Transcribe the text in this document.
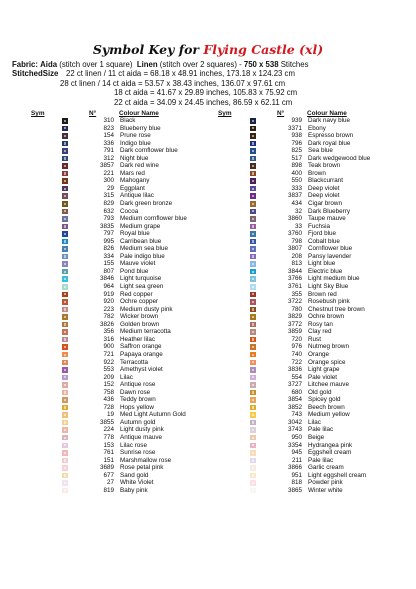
Symbol Key for Flying Castle (xl)
Fabric: Aida (stitch over 1 square) Linen (stitch over 2 squares) - 750 x 538 Stitches
StitchedSize 22 ct linen / 11 ct aida = 68.18 x 48.91 inches, 173.18 x 124.23 cm
28 ct linen / 14 ct aida = 53.57 x 38.43 inches, 136.07 x 97.61 cm
18 ct aida = 41.67 x 29.89 inches, 105.83 x 75.92 cm
22 ct aida = 34.09 x 24.45 inches, 86.59 x 62.11 cm
Sym	N°	Colour Name	Sym	N°	Colour Name
310 Black
823 Blueberry blue
154 Prune rose
336 Indigo blue
791 Dark cornflower blue
312 Night blue
3857 Dark red wine
221 Mars red
300 Mahogany
29 Eggplant
315 Antique lilac
829 Dark green bronze
632 Cocoa
793 Medium cornflower blue
3835 Medium grape
797 Royal blue
995 Carribean blue
826 Medium sea blue
334 Pale indigo blue
155 Mauve violet
807 Pond blue
3846 Light turquoise
964 Light sea green
919 Red copper
920 Ochre copper
223 Medium dusty pink
782 Wicker brown
3826 Golden brown
356 Medium terracotta
316 Heather lilac
900 Saffron orange
721 Papaya orange
922 Terracotta
553 Amethyst violet
209 Lilac
152 Antique rose
758 Dawn rose
436 Teddy brown
728 Hops yellow
19 Med Light Autumn Gold
3855 Autumn gold
224 Light dusty pink
778 Antique mauve
153 Lilac rose
761 Sunrise rose
151 Marshmallow rose
3689 Rose petal pink
677 Sand gold
27 White Violet
819 Baby pink
939 Dark navy blue
3371 Ebony
938 Espresso brown
796 Dark royal blue
825 Sea blue
517 Dark wedgewood blue
898 Teak brown
400 Brown
550 Blackcurrant
333 Deep violet
3837 Deep violet
434 Cigar brown
32 Dark Blueberry
3860 Taupe mauve
33 Fuchsia
3760 Fjord blue
798 Cobalt blue
3807 Cornflower blue
208 Pansy lavender
813 Light blue
3844 Electric blue
3766 Light medium blue
3761 Light Sky Blue
355 Brown red
3722 Rosebush pink
780 Chestnut tree brown
3829 Ochre brown
3772 Rosy tan
3859 Clay red
720 Rust
976 Nutmeg brown
740 Orange
722 Orange spice
3836 Light grape
554 Pale violet
3727 Litchee mauve
680 Old gold
3854 Spicey gold
3852 Beech brown
743 Medium yellow
3042 Lilac
3743 Pale lilac
950 Beige
3354 Hydrangea pink
945 Eggshell cream
211 Pale lilac
3866 Garlic cream
951 Light eggshell cream
818 Powder pink
3865 Winter white
